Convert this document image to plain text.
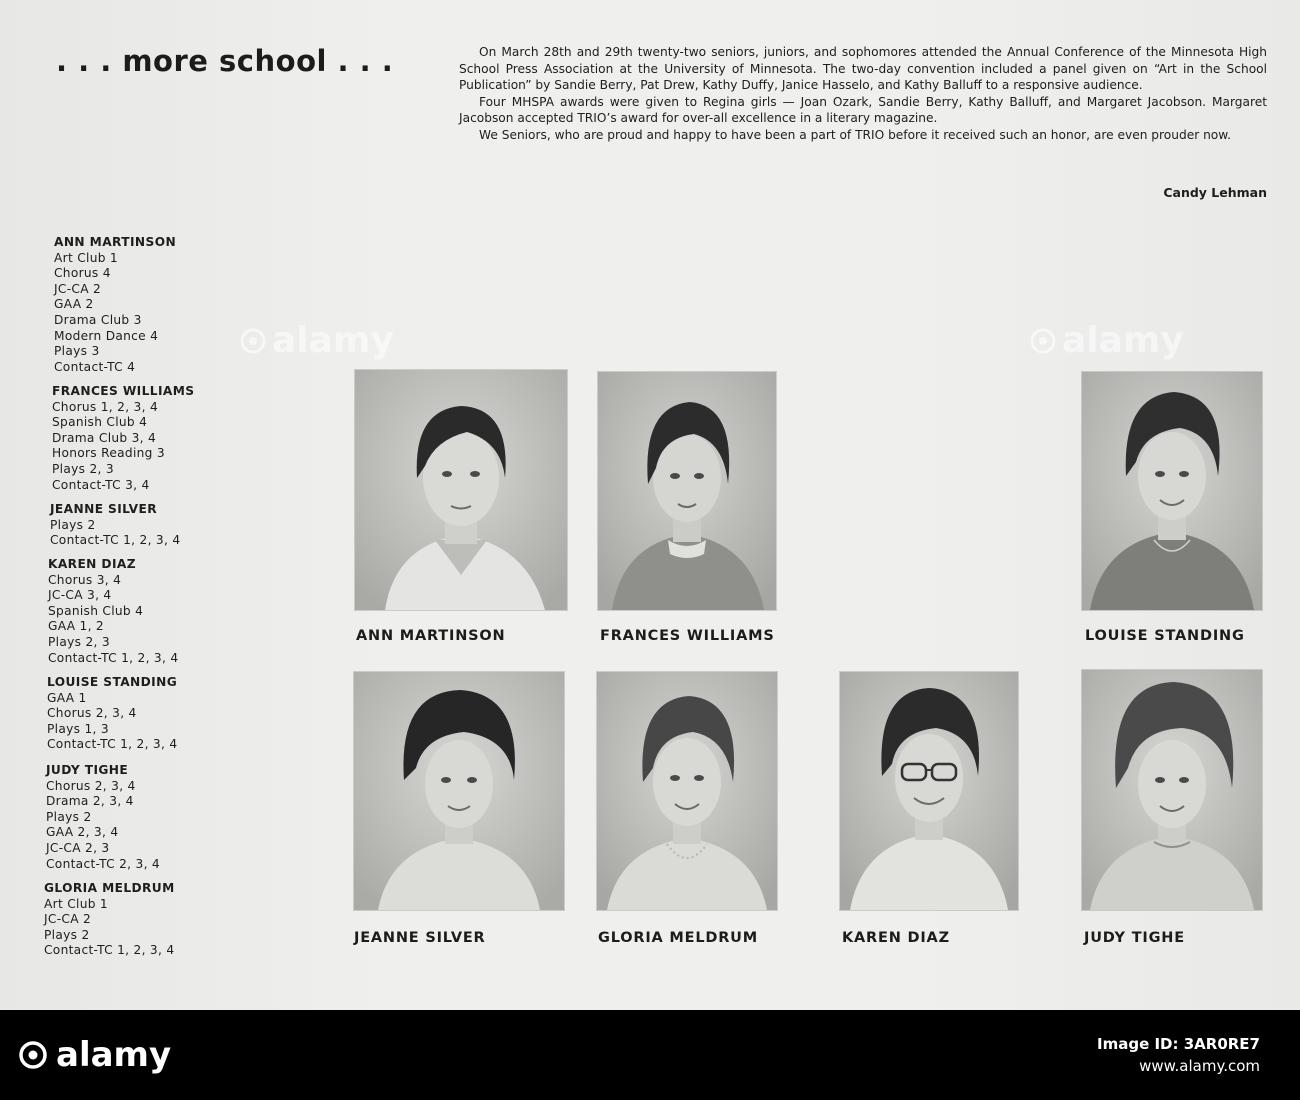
. . . more school . . .	On March 28th and 29th twenty-two seniors, juniors, and sophomores attended the Annual Conference of the Minnesota High School Press Association at the University of Minnesota. The two-day convention included a panel given on “Art in the School Publication” by Sandie Berry, Pat Drew, Kathy Duffy, Janice Hasselo, and Kathy Balluff to a responsive audience.

Four MHSPA awards were given to Regina girls — Joan Ozark, Sandie Berry, Kathy Balluff, and Margaret Jacobson. Margaret Jacobson accepted TRIO’s award for over-all excellence in a literary magazine.

We Seniors, who are proud and happy to have been a part of TRIO before it received such an honor, are even prouder now.

Candy Lehman
ANN MARTINSON
Art Club 1
Chorus 4
JC-CA 2
GAA 2
Drama Club 3
Modern Dance 4
Plays 3
Contact-TC 4
FRANCES WILLIAMS
Chorus 1, 2, 3, 4
Spanish Club 4
Drama Club 3, 4
Honors Reading 3
Plays 2, 3
Contact-TC 3, 4
JEANNE SILVER
Plays 2
Contact-TC 1, 2, 3, 4
KAREN DIAZ
Chorus 3, 4
JC-CA 3, 4
Spanish Club 4
GAA 1, 2
Plays 2, 3
Contact-TC 1, 2, 3, 4
LOUISE STANDING
GAA 1
Chorus 2, 3, 4
Plays 1, 3
Contact-TC 1, 2, 3, 4
JUDY TIGHE
Chorus 2, 3, 4
Drama 2, 3, 4
Plays 2
GAA 2, 3, 4
JC-CA 2, 3
Contact-TC 2, 3, 4
GLORIA MELDRUM
Art Club 1
JC-CA 2
Plays 2
Contact-TC 1, 2, 3, 4
ANN MARTINSON	FRANCES WILLIAMS	LOUISE STANDING
JEANNE SILVER	GLORIA MELDRUM	KAREN DIAZ	JUDY TIGHE
alamy	alamy
alamy	Image ID: 3AR0RE7
www.alamy.com
